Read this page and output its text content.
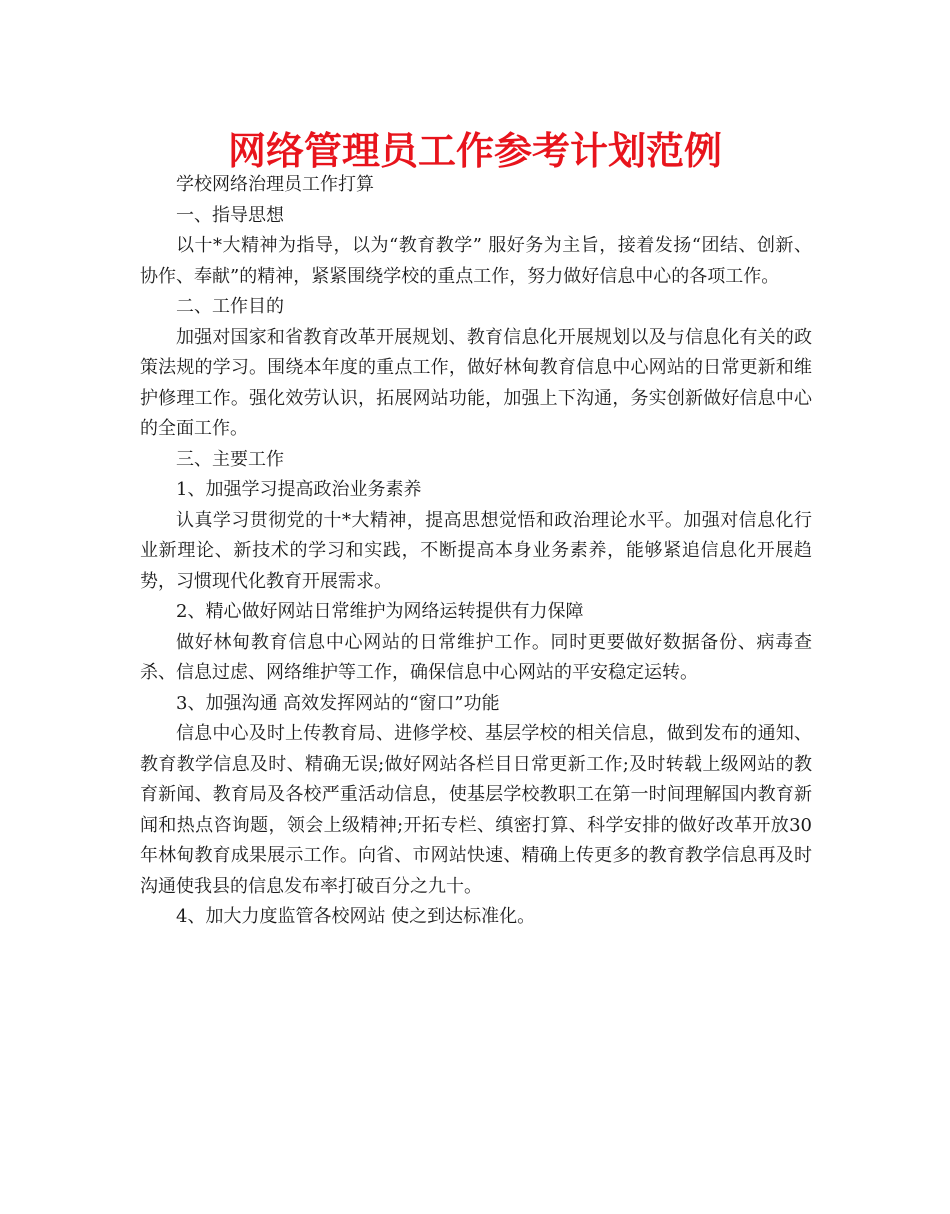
网络管理员工作参考计划范例

学校网络治理员工作打算

一、指导思想

以十*大精神为指导，以为“教育教学” 服好务为主旨，接着发扬“团结、创新、协作、奉献”的精神，紧紧围绕学校的重点工作，努力做好信息中心的各项工作。

二、工作目的

加强对国家和省教育改革开展规划、教育信息化开展规划以及与信息化有关的政策法规的学习。围绕本年度的重点工作，做好林甸教育信息中心网站的日常更新和维护修理工作。强化效劳认识，拓展网站功能，加强上下沟通，务实创新做好信息中心的全面工作。

三、主要工作

1、加强学习提高政治业务素养

认真学习贯彻党的十*大精神，提高思想觉悟和政治理论水平。加强对信息化行业新理论、新技术的学习和实践，不断提高本身业务素养，能够紧追信息化开展趋势，习惯现代化教育开展需求。

2、精心做好网站日常维护为网络运转提供有力保障

做好林甸教育信息中心网站的日常维护工作。同时更要做好数据备份、病毒查杀、信息过虑、网络维护等工作，确保信息中心网站的平安稳定运转。

3、加强沟通 高效发挥网站的“窗口”功能

信息中心及时上传教育局、进修学校、基层学校的相关信息，做到发布的通知、教育教学信息及时、精确无误;做好网站各栏目日常更新工作;及时转载上级网站的教育新闻、教育局及各校严重活动信息，使基层学校教职工在第一时间理解国内教育新闻和热点咨询题，领会上级精神;开拓专栏、缜密打算、科学安排的做好改革开放30年林甸教育成果展示工作。向省、市网站快速、精确上传更多的教育教学信息再及时沟通使我县的信息发布率打破百分之九十。

4、加大力度监管各校网站 使之到达标准化。
